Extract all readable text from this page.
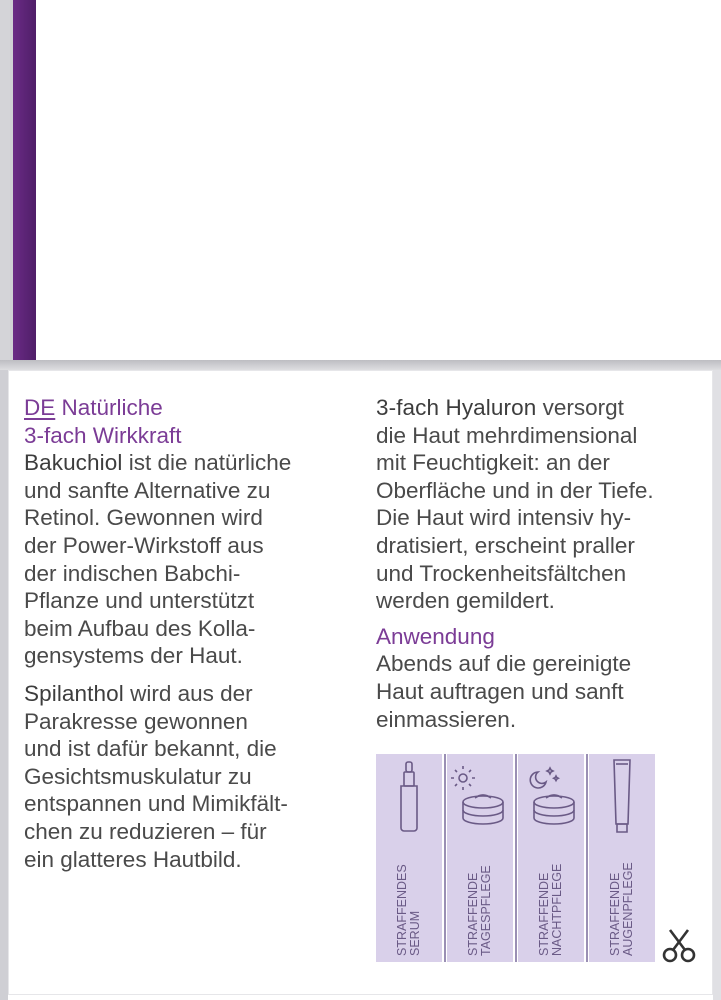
DE Natürliche

3-fach Wirkkraft

Bakuchiol ist die natürliche

und sanfte Alternative zu

Retinol. Gewonnen wird

der Power-Wirkstoff aus

der indischen Babchi-

Pflanze und unterstützt

beim Aufbau des Kolla-

gensystems der Haut.

Spilanthol wird aus der

Parakresse gewonnen

und ist dafür bekannt, die

Gesichtsmuskulatur zu

entspannen und Mimikfält-

chen zu reduzieren – für

ein glatteres Hautbild.

3-fach Hyaluron versorgt

die Haut mehrdimensional

mit Feuchtigkeit: an der

Oberfläche und in der Tiefe.

Die Haut wird intensiv hy-

dratisiert, erscheint praller

und Trockenheitsfältchen

werden gemildert.

Anwendung

Abends auf die gereinigte

Haut auftragen und sanft

einmassieren.

STRAFFENDES SERUM	STRAFFENDE TAGESPFLEGE	STRAFFENDE NACHTPFLEGE	STRAFFENDE AUGENPFLEGE
